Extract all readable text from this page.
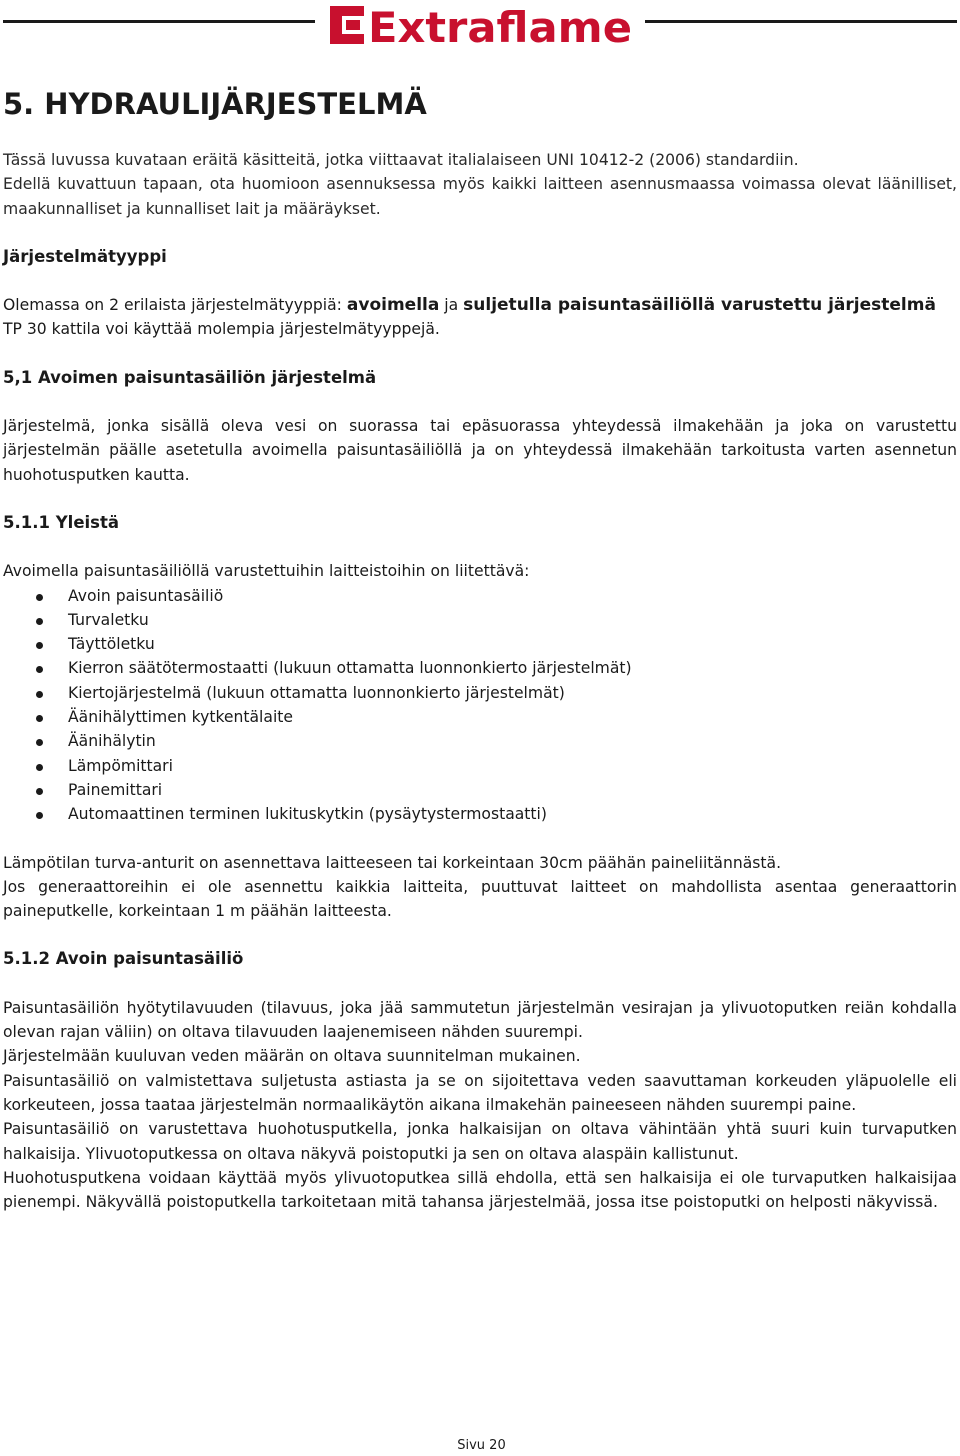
Extraflame
5. HYDRAULIJÄRJESTELMÄ

Tässä luvussa kuvataan eräitä käsitteitä, jotka viittaavat italialaiseen UNI 10412-2 (2006) standardiin.

Edellä kuvattuun tapaan, ota huomioon asennuksessa myös kaikki laitteen asennusmaassa voimassa olevat läänilliset, maakunnalliset ja kunnalliset lait ja määräykset.

Järjestelmätyyppi

Olemassa on 2 erilaista järjestelmätyyppiä: avoimella ja suljetulla paisuntasäiliöllä varustettu järjestelmä

TP 30 kattila voi käyttää molempia järjestelmätyyppejä.

5,1 Avoimen paisuntasäiliön järjestelmä

Järjestelmä, jonka sisällä oleva vesi on suorassa tai epäsuorassa yhteydessä ilmakehään ja joka on varustettu järjestelmän päälle asetetulla avoimella paisuntasäiliöllä ja on yhteydessä ilmakehään tarkoitusta varten asennetun huohotusputken kautta.

5.1.1 Yleistä

Avoimella paisuntasäiliöllä varustettuihin laitteistoihin on liitettävä:

Avoin paisuntasäiliö
Turvaletku
Täyttöletku
Kierron säätötermostaatti (lukuun ottamatta luonnonkierto järjestelmät)
Kiertojärjestelmä (lukuun ottamatta luonnonkierto järjestelmät)
Äänihälyttimen kytkentälaite
Äänihälytin
Lämpömittari
Painemittari
Automaattinen terminen lukituskytkin (pysäytystermostaatti)

Lämpötilan turva-anturit on asennettava laitteeseen tai korkeintaan 30cm päähän paineliitännästä.

Jos generaattoreihin ei ole asennettu kaikkia laitteita, puuttuvat laitteet on mahdollista asentaa generaattorin paineputkelle, korkeintaan 1 m päähän laitteesta.

5.1.2 Avoin paisuntasäiliö

Paisuntasäiliön hyötytilavuuden (tilavuus, joka jää sammutetun järjestelmän vesirajan ja ylivuotoputken reiän kohdalla olevan rajan väliin) on oltava tilavuuden laajenemiseen nähden suurempi.

Järjestelmään kuuluvan veden määrän on oltava suunnitelman mukainen.

Paisuntasäiliö on valmistettava suljetusta astiasta ja se on sijoitettava veden saavuttaman korkeuden yläpuolelle eli korkeuteen, jossa taataa järjestelmän normaalikäytön aikana ilmakehän paineeseen nähden suurempi paine.

Paisuntasäiliö on varustettava huohotusputkella, jonka halkaisijan on oltava vähintään yhtä suuri kuin turvaputken halkaisija. Ylivuotoputkessa on oltava näkyvä poistoputki ja sen on oltava alaspäin kallistunut.

Huohotusputkena voidaan käyttää myös ylivuotoputkea sillä ehdolla, että sen halkaisija ei ole turvaputken halkaisijaa pienempi. Näkyvällä poistoputkella tarkoitetaan mitä tahansa järjestelmää, jossa itse poistoputki on helposti näkyvissä.

Sivu 20
